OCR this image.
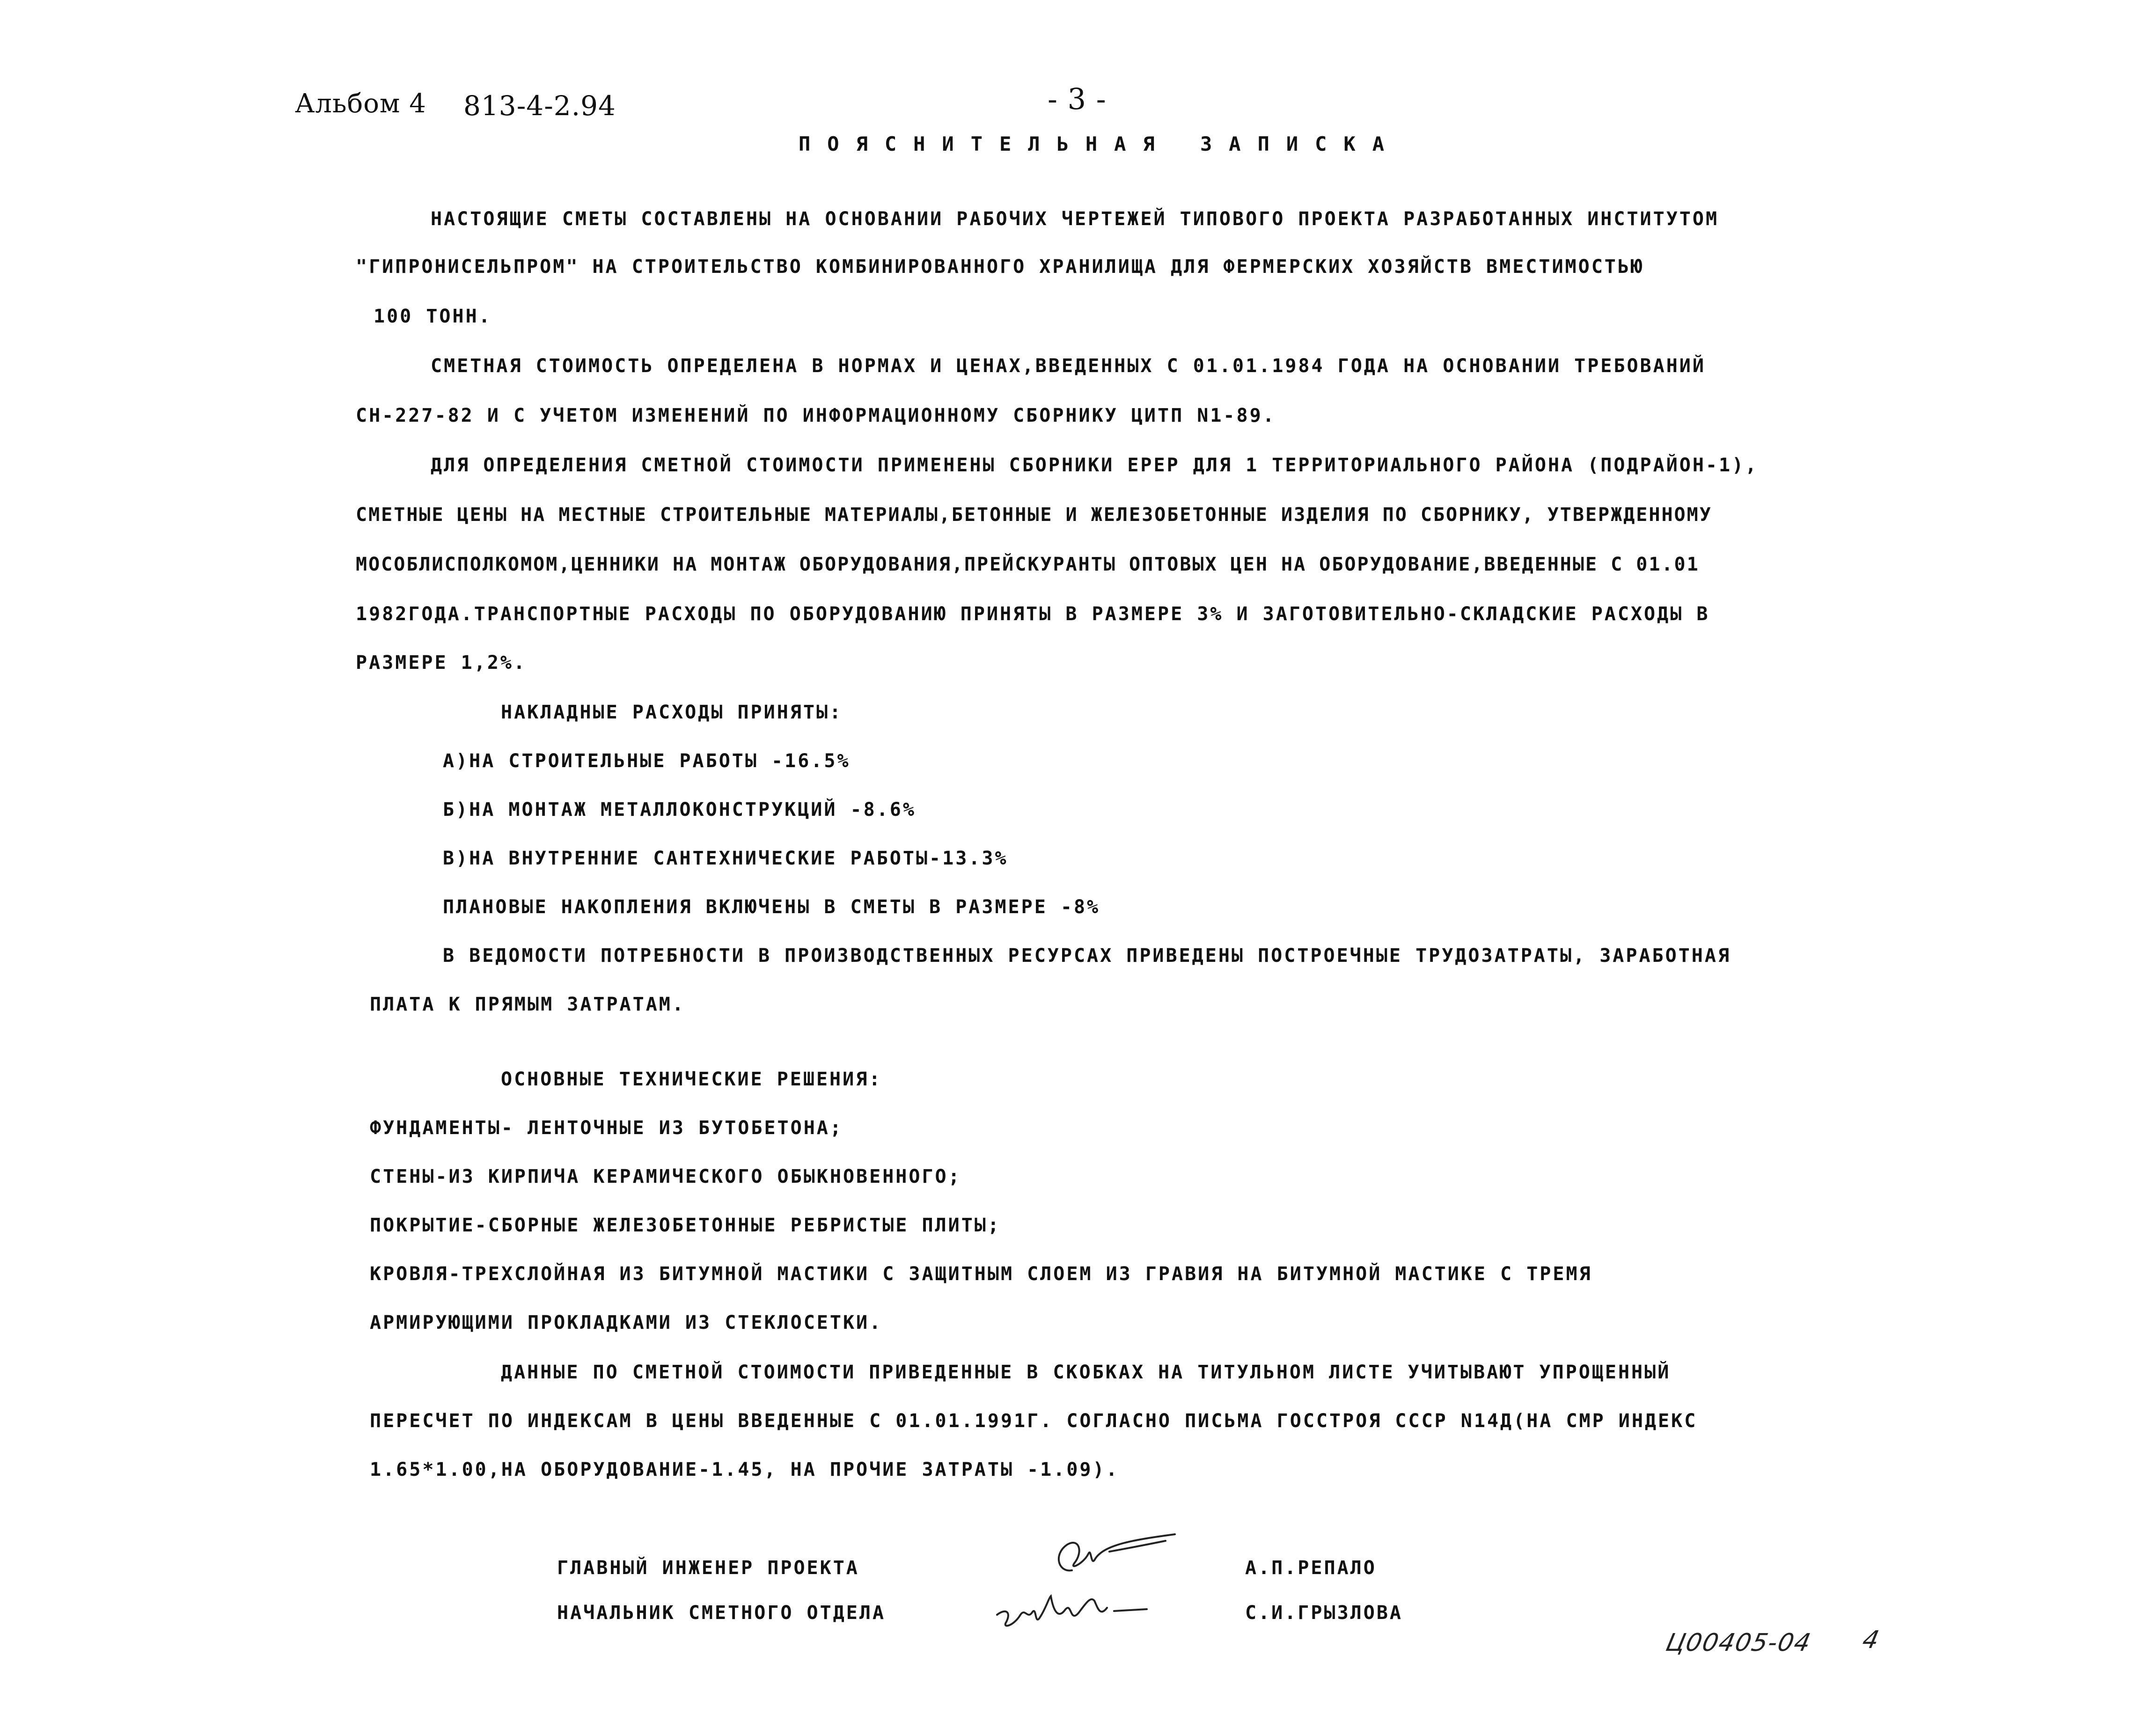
Альбом 4 813-4-2.94	- 3 -
ПОЯСНИТЕЛЬНАЯ ЗАПИСКА
НАСТОЯЩИЕ СМЕТЫ СОСТАВЛЕНЫ НА ОСНОВАНИИ РАБОЧИХ ЧЕРТЕЖЕЙ ТИПОВОГО ПРОЕКТА РАЗРАБОТАННЫХ ИНСТИТУТОМ
"ГИПРОНИСЕЛЬПРОМ" НА СТРОИТЕЛЬСТВО КОМБИНИРОВАННОГО ХРАНИЛИЩА ДЛЯ ФЕРМЕРСКИХ ХОЗЯЙСТВ ВМЕСТИМОСТЬЮ
100 ТОНН.
СМЕТНАЯ СТОИМОСТЬ ОПРЕДЕЛЕНА В НОРМАХ И ЦЕНАХ,ВВЕДЕННЫХ С 01.01.1984 ГОДА НА ОСНОВАНИИ ТРЕБОВАНИЙ
СН-227-82 И С УЧЕТОМ ИЗМЕНЕНИЙ ПО ИНФОРМАЦИОННОМУ СБОРНИКУ ЦИТП N1-89.
ДЛЯ ОПРЕДЕЛЕНИЯ СМЕТНОЙ СТОИМОСТИ ПРИМЕНЕНЫ СБОРНИКИ ЕРЕР ДЛЯ 1 ТЕРРИТОРИАЛЬНОГО РАЙОНА (ПОДРАЙОН-1),
СМЕТНЫЕ ЦЕНЫ НА МЕСТНЫЕ СТРОИТЕЛЬНЫЕ МАТЕРИАЛЫ,БЕТОННЫЕ И ЖЕЛЕЗОБЕТОННЫЕ ИЗДЕЛИЯ ПО СБОРНИКУ, УТВЕРЖДЕННОМУ
МОСОБЛИСПОЛКОМОМ,ЦЕННИКИ НА МОНТАЖ ОБОРУДОВАНИЯ,ПРЕЙСКУРАНТЫ ОПТОВЫХ ЦЕН НА ОБОРУДОВАНИЕ,ВВЕДЕННЫЕ С 01.01
1982ГОДА.ТРАНСПОРТНЫЕ РАСХОДЫ ПО ОБОРУДОВАНИЮ ПРИНЯТЫ В РАЗМЕРЕ 3% И ЗАГОТОВИТЕЛЬНО-СКЛАДСКИЕ РАСХОДЫ В
РАЗМЕРЕ 1,2%.
НАКЛАДНЫЕ РАСХОДЫ ПРИНЯТЫ:
А)НА СТРОИТЕЛЬНЫЕ РАБОТЫ -16.5%
Б)НА МОНТАЖ МЕТАЛЛОКОНСТРУКЦИЙ -8.6%
В)НА ВНУТРЕННИЕ САНТЕХНИЧЕСКИЕ РАБОТЫ-13.3%
ПЛАНОВЫЕ НАКОПЛЕНИЯ ВКЛЮЧЕНЫ В СМЕТЫ В РАЗМЕРЕ -8%
В ВЕДОМОСТИ ПОТРЕБНОСТИ В ПРОИЗВОДСТВЕННЫХ РЕСУРСАХ ПРИВЕДЕНЫ ПОСТРОЕЧНЫЕ ТРУДОЗАТРАТЫ, ЗАРАБОТНАЯ
ПЛАТА К ПРЯМЫМ ЗАТРАТАМ.
ОСНОВНЫЕ ТЕХНИЧЕСКИЕ РЕШЕНИЯ:
ФУНДАМЕНТЫ- ЛЕНТОЧНЫЕ ИЗ БУТОБЕТОНА;
СТЕНЫ-ИЗ КИРПИЧА КЕРАМИЧЕСКОГО ОБЫКНОВЕННОГО;
ПОКРЫТИЕ-СБОРНЫЕ ЖЕЛЕЗОБЕТОННЫЕ РЕБРИСТЫЕ ПЛИТЫ;
КРОВЛЯ-ТРЕХСЛОЙНАЯ ИЗ БИТУМНОЙ МАСТИКИ С ЗАЩИТНЫМ СЛОЕМ ИЗ ГРАВИЯ НА БИТУМНОЙ МАСТИКЕ С ТРЕМЯ
АРМИРУЮЩИМИ ПРОКЛАДКАМИ ИЗ СТЕКЛОСЕТКИ.
ДАННЫЕ ПО СМЕТНОЙ СТОИМОСТИ ПРИВЕДЕННЫЕ В СКОБКАХ НА ТИТУЛЬНОМ ЛИСТЕ УЧИТЫВАЮТ УПРОЩЕННЫЙ
ПЕРЕСЧЕТ ПО ИНДЕКСАМ В ЦЕНЫ ВВЕДЕННЫЕ С 01.01.1991Г. СОГЛАСНО ПИСЬМА ГОССТРОЯ СССР N14Д(НА СМР ИНДЕКС
1.65*1.00,НА ОБОРУДОВАНИЕ-1.45, НА ПРОЧИЕ ЗАТРАТЫ -1.09).
ГЛАВНЫЙ ИНЖЕНЕР ПРОЕКТА	А.П.РЕПАЛО
НАЧАЛЬНИК СМЕТНОГО ОТДЕЛА	С.И.ГРЫЗЛОВА
Ц00405-04 4
